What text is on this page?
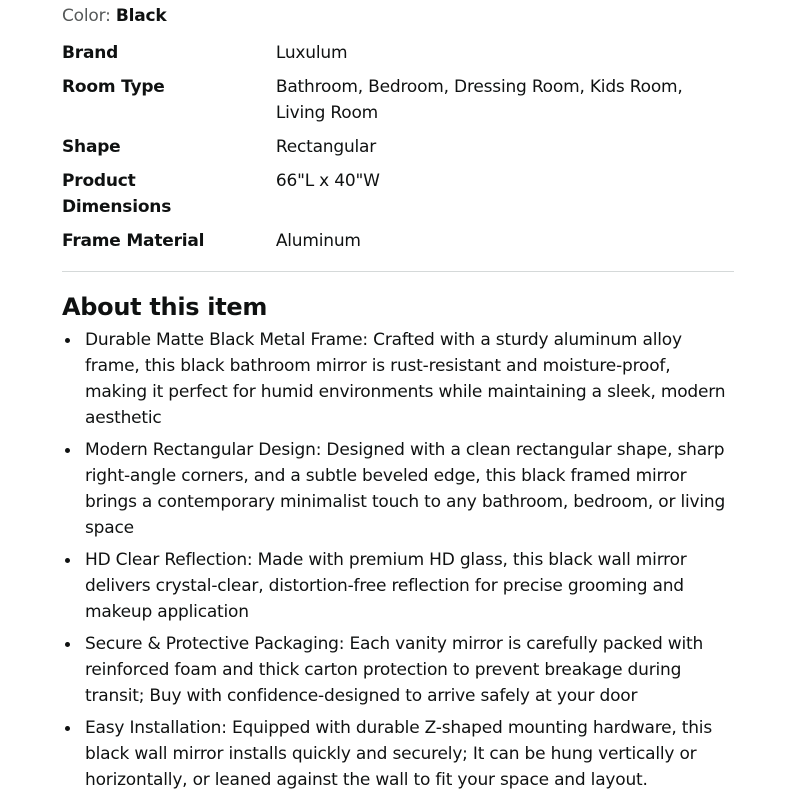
Color: Black
Brand	Luxulum
Room Type	Bathroom, Bedroom, Dressing Room, Kids Room, Living Room
Shape	Rectangular
Product Dimensions	66"L x 40"W
Frame Material	Aluminum
About this item
Durable Matte Black Metal Frame: Crafted with a sturdy aluminum alloy frame, this black bathroom mirror is rust-resistant and moisture-proof, making it perfect for humid environments while maintaining a sleek, modern aesthetic
Modern Rectangular Design: Designed with a clean rectangular shape, sharp right-angle corners, and a subtle beveled edge, this black framed mirror brings a contemporary minimalist touch to any bathroom, bedroom, or living space
HD Clear Reflection: Made with premium HD glass, this black wall mirror delivers crystal-clear, distortion-free reflection for precise grooming and makeup application
Secure & Protective Packaging: Each vanity mirror is carefully packed with reinforced foam and thick carton protection to prevent breakage during transit; Buy with confidence-designed to arrive safely at your door
Easy Installation: Equipped with durable Z-shaped mounting hardware, this black wall mirror installs quickly and securely; It can be hung vertically or horizontally, or leaned against the wall to fit your space and layout.
